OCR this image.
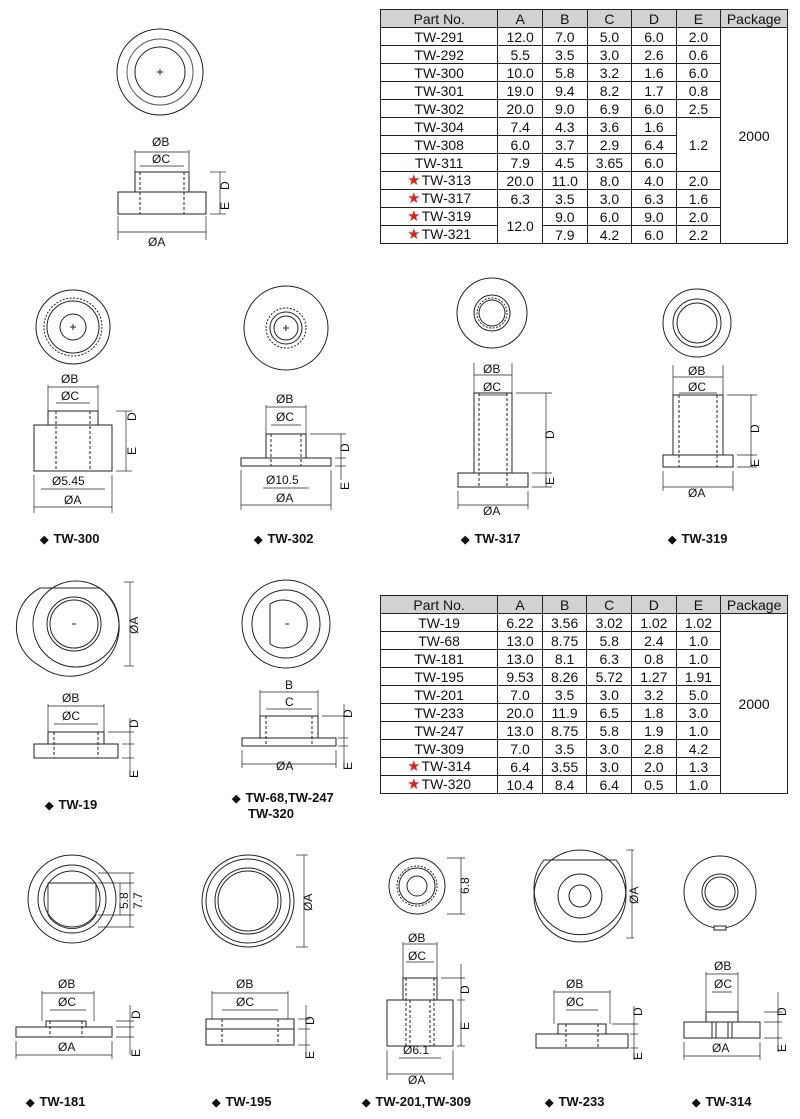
Part No.	A	B	C	D	E	Package
TW-291	12.0	7.0	5.0	6.0	2.0	2000
TW-292	5.5	3.5	3.0	2.6	0.6	
TW-300	10.0	5.8	3.2	1.6	6.0	
TW-301	19.0	9.4	8.2	1.7	0.8	
TW-302	20.0	9.0	6.9	6.0	2.5	
TW-304	7.4	4.3	3.6	1.6	1.2	
TW-308	6.0	3.7	2.9	6.4		
TW-311	7.9	4.5	3.65	6.0		
★TW-313	20.0	11.0	8.0	4.0	2.0	
★TW-317	6.3	3.5	3.0	6.3	1.6	
★TW-319	12.0	9.0	6.0	9.0	2.0	
★TW-321		7.9	4.2	6.0	2.2	
Part No.	A	B	C	D	E	Package
TW-19	6.22	3.56	3.02	1.02	1.02	2000
TW-68	13.0	8.75	5.8	2.4	1.0	
TW-181	13.0	8.1	6.3	0.8	1.0	
TW-195	9.53	8.26	5.72	1.27	1.91	
TW-201	7.0	3.5	3.0	3.2	5.0	
TW-233	20.0	11.9	6.5	1.8	3.0	
TW-247	13.0	8.75	5.8	1.9	1.0	
TW-309	7.0	3.5	3.0	2.8	4.2	
★TW-314	6.4	3.55	3.0	2.0	1.3	
★TW-320	10.4	8.4	6.4	0.5	1.0	
ØB
ØC
ØA
D
E
ØB
ØC
Ø5.45
ØA
D
E
◆ TW-300
ØB
ØC
Ø10.5
ØA
D
E
◆ TW-302
ØB
ØC
ØA
D
E
◆ TW-317
ØB
ØC
ØA
D
E
◆ TW-319
ØA
ØB
ØC
D
E
◆ TW-19
B
C
ØA
D
E
◆ TW-68,TW-247
TW-320
5.8 7.7
ØB
ØC
ØA
D
E
◆ TW-181
ØA
ØB
ØC
D
E
◆ TW-195
6.8
ØB
ØC
Ø6.1
ØA
D
E
◆ TW-201,TW-309
ØA
ØB
ØC
D
E
◆ TW-233
ØB
ØC
ØA
D
E
◆ TW-314
